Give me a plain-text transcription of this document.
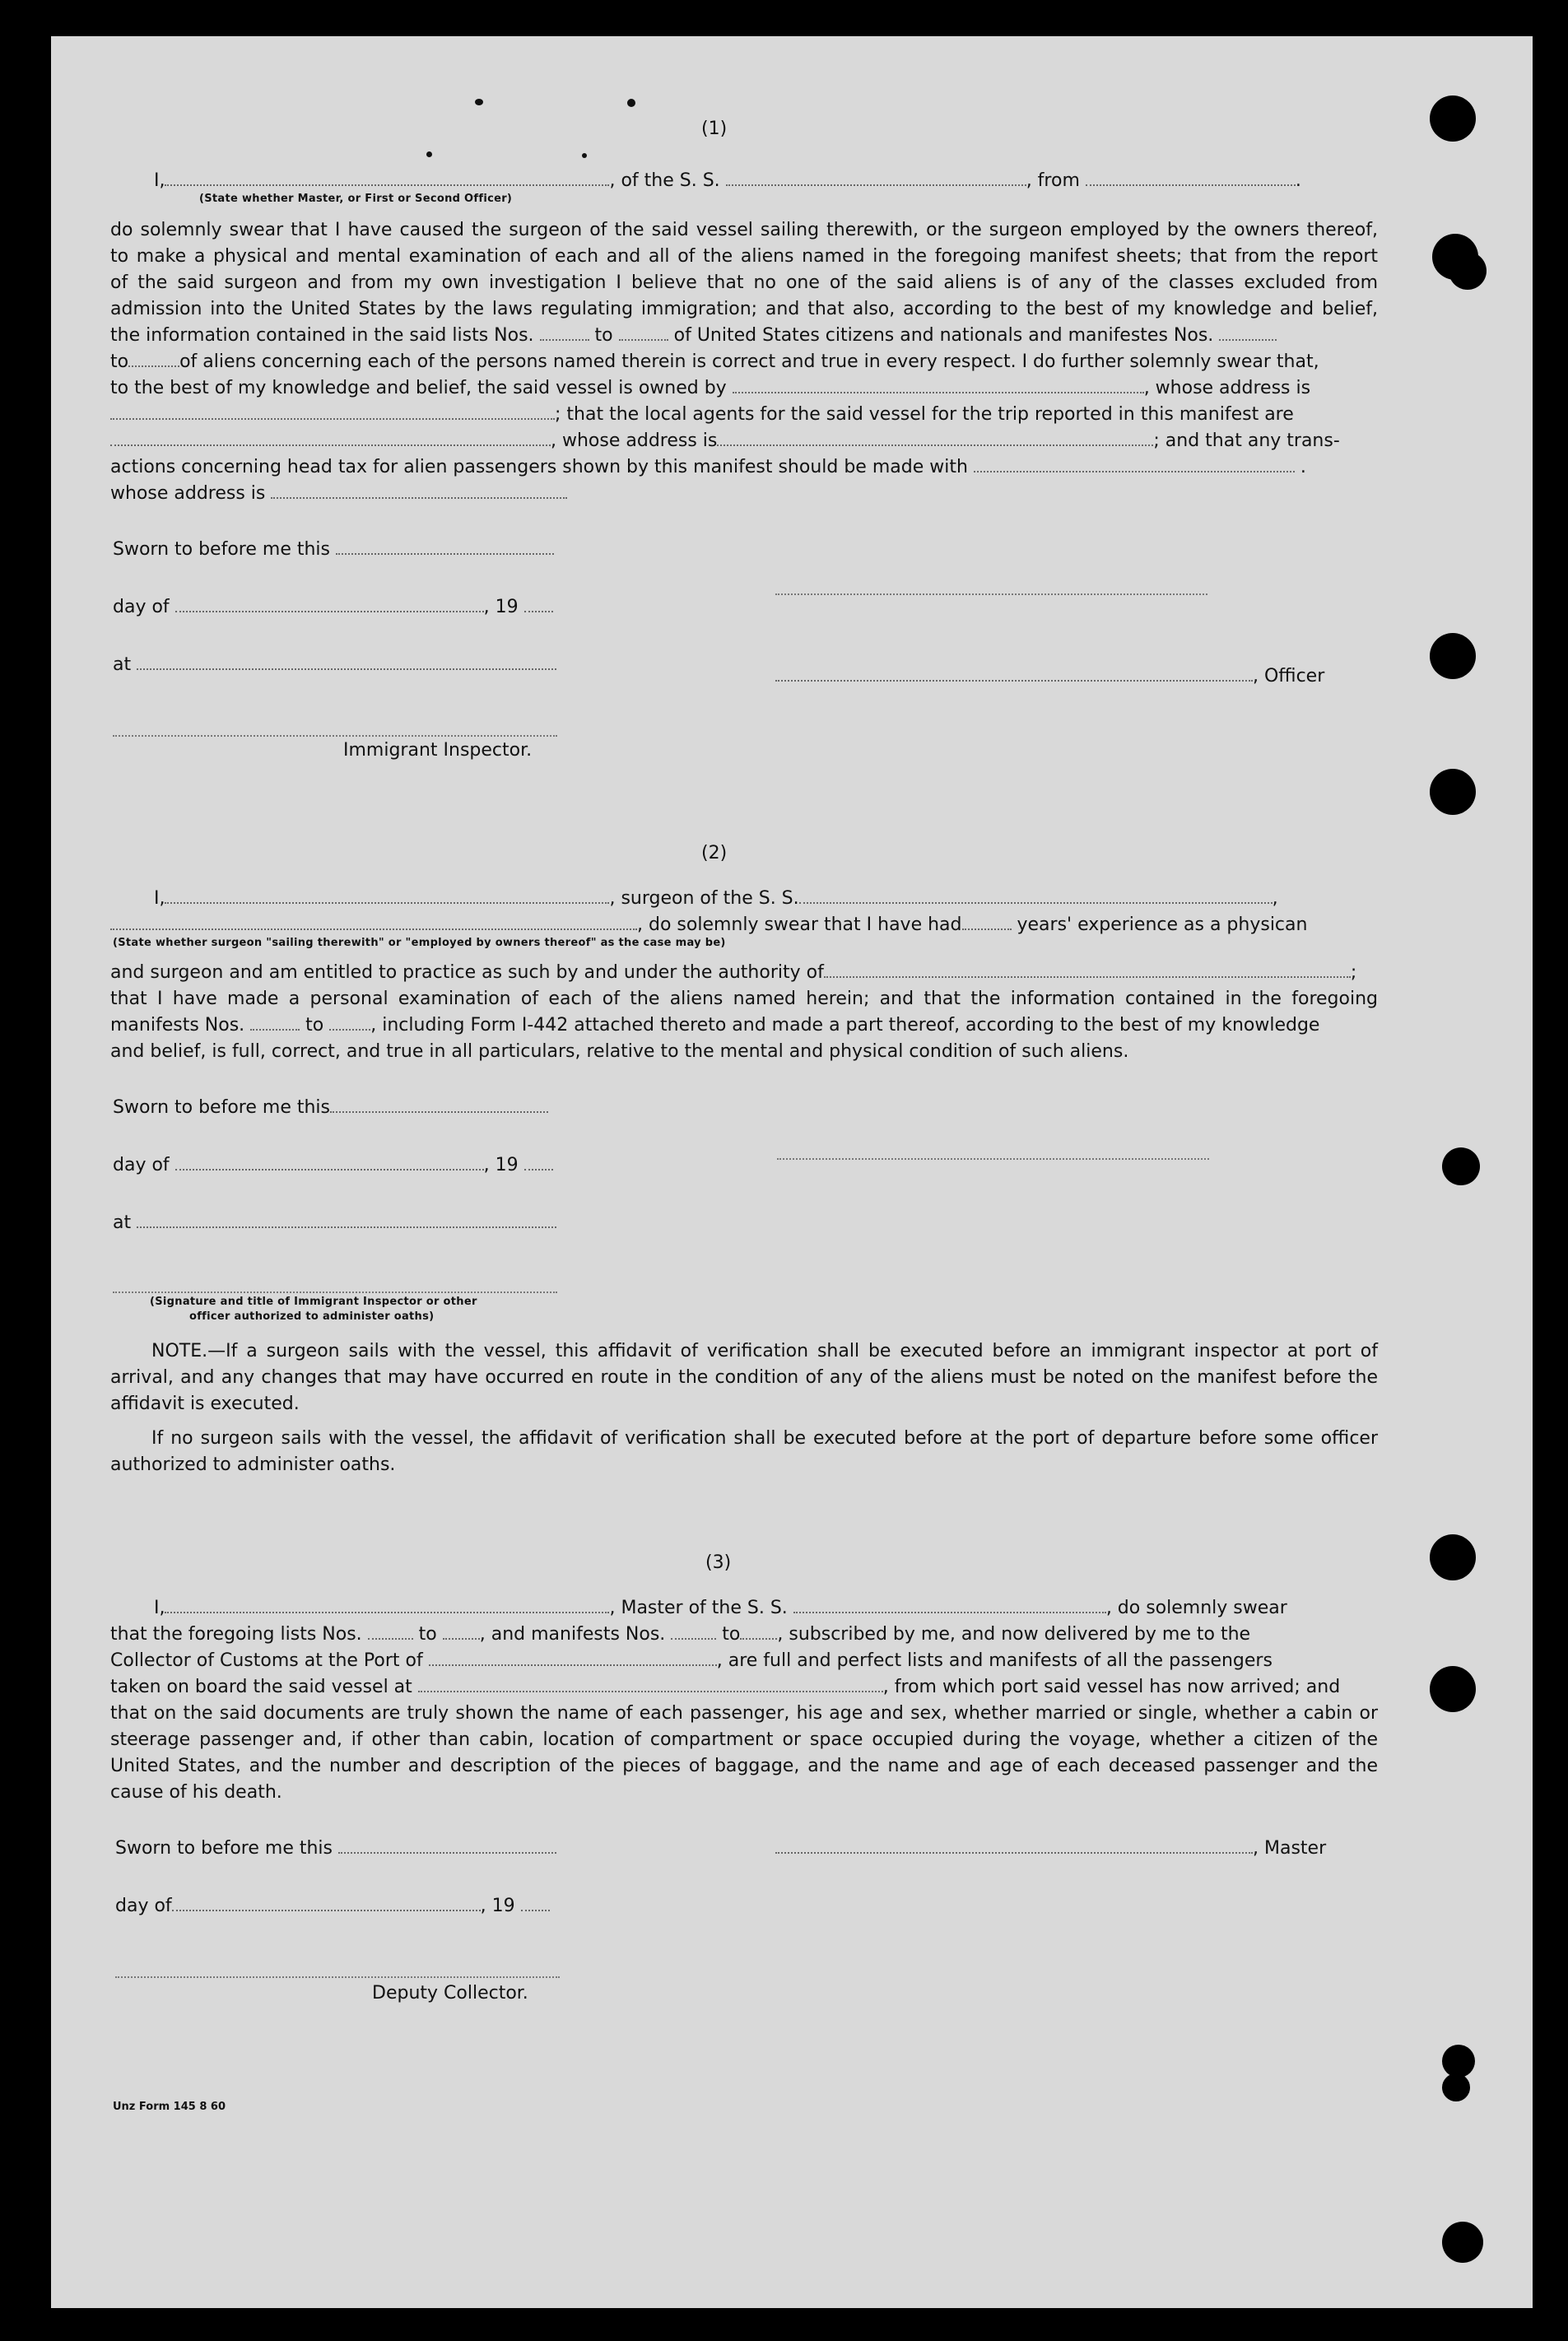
(1)
I,	, of the S. S.	, from	.
(State whether Master, or First or Second Officer)
do solemnly swear that I have caused the surgeon of the said vessel sailing therewith, or the surgeon employed by the owners thereof,
to make a physical and mental examination of each and all of the aliens named in the foregoing manifest sheets; that from the report
of the said surgeon and from my own investigation I believe that no one of the said aliens is of any of the classes excluded from
admission into the United States by the laws regulating immigration; and that also, according to the best of my knowledge and belief,
the information contained in the said lists Nos.	to	of United States citizens and nationals and manifestes Nos.
to	of aliens concerning each of the persons named therein is correct and true in every respect. I do further solemnly swear that,
to the best of my knowledge and belief, the said vessel is owned by	, whose address is
; that the local agents for the said vessel for the trip reported in this manifest are
, whose address is	; and that any trans-
actions concerning head tax for alien passengers shown by this manifest should be made with	.
whose address is
Sworn to before me this
day of	, 19
at
, Officer
Immigrant Inspector.
(2)
I,	, surgeon of the S. S.	,
, do solemnly swear that I have had	years' experience as a physican
(State whether surgeon "sailing therewith" or "employed by owners thereof" as the case may be)
and surgeon and am entitled to practice as such by and under the authority of	;
that I have made a personal examination of each of the aliens named herein; and that the information contained in the foregoing
manifests Nos.	to	, including Form I-442 attached thereto and made a part thereof, according to the best of my knowledge
and belief, is full, correct, and true in all particulars, relative to the mental and physical condition of such aliens.
Sworn to before me this
day of	, 19
at
(Signature and title of Immigrant Inspector or other
officer authorized to administer oaths)
NOTE.—If a surgeon sails with the vessel, this affidavit of verification shall be executed before an immigrant inspector at port of arrival, and any changes that may have occurred en route in the condition of any of the aliens must be noted on the manifest before the affidavit is executed.
If no surgeon sails with the vessel, the affidavit of verification shall be executed before at the port of departure before some officer authorized to administer oaths.
(3)
I,	, Master of the S. S.	, do solemnly swear
that the foregoing lists Nos.	to , and manifests Nos.	to , subscribed by me, and now delivered by me to the
Collector of Customs at the Port of	, are full and perfect lists and manifests of all the passengers
taken on board the said vessel at	, from which port said vessel has now arrived; and
that on the said documents are truly shown the name of each passenger, his age and sex, whether married or single, whether a cabin or
steerage passenger and, if other than cabin, location of compartment or space occupied during the voyage, whether a citizen of the
United States, and the number and description of the pieces of baggage, and the name and age of each deceased passenger and the
cause of his death.
Sworn to before me this	, Master
day of	, 19
Deputy Collector.
Unz Form 145 8 60
